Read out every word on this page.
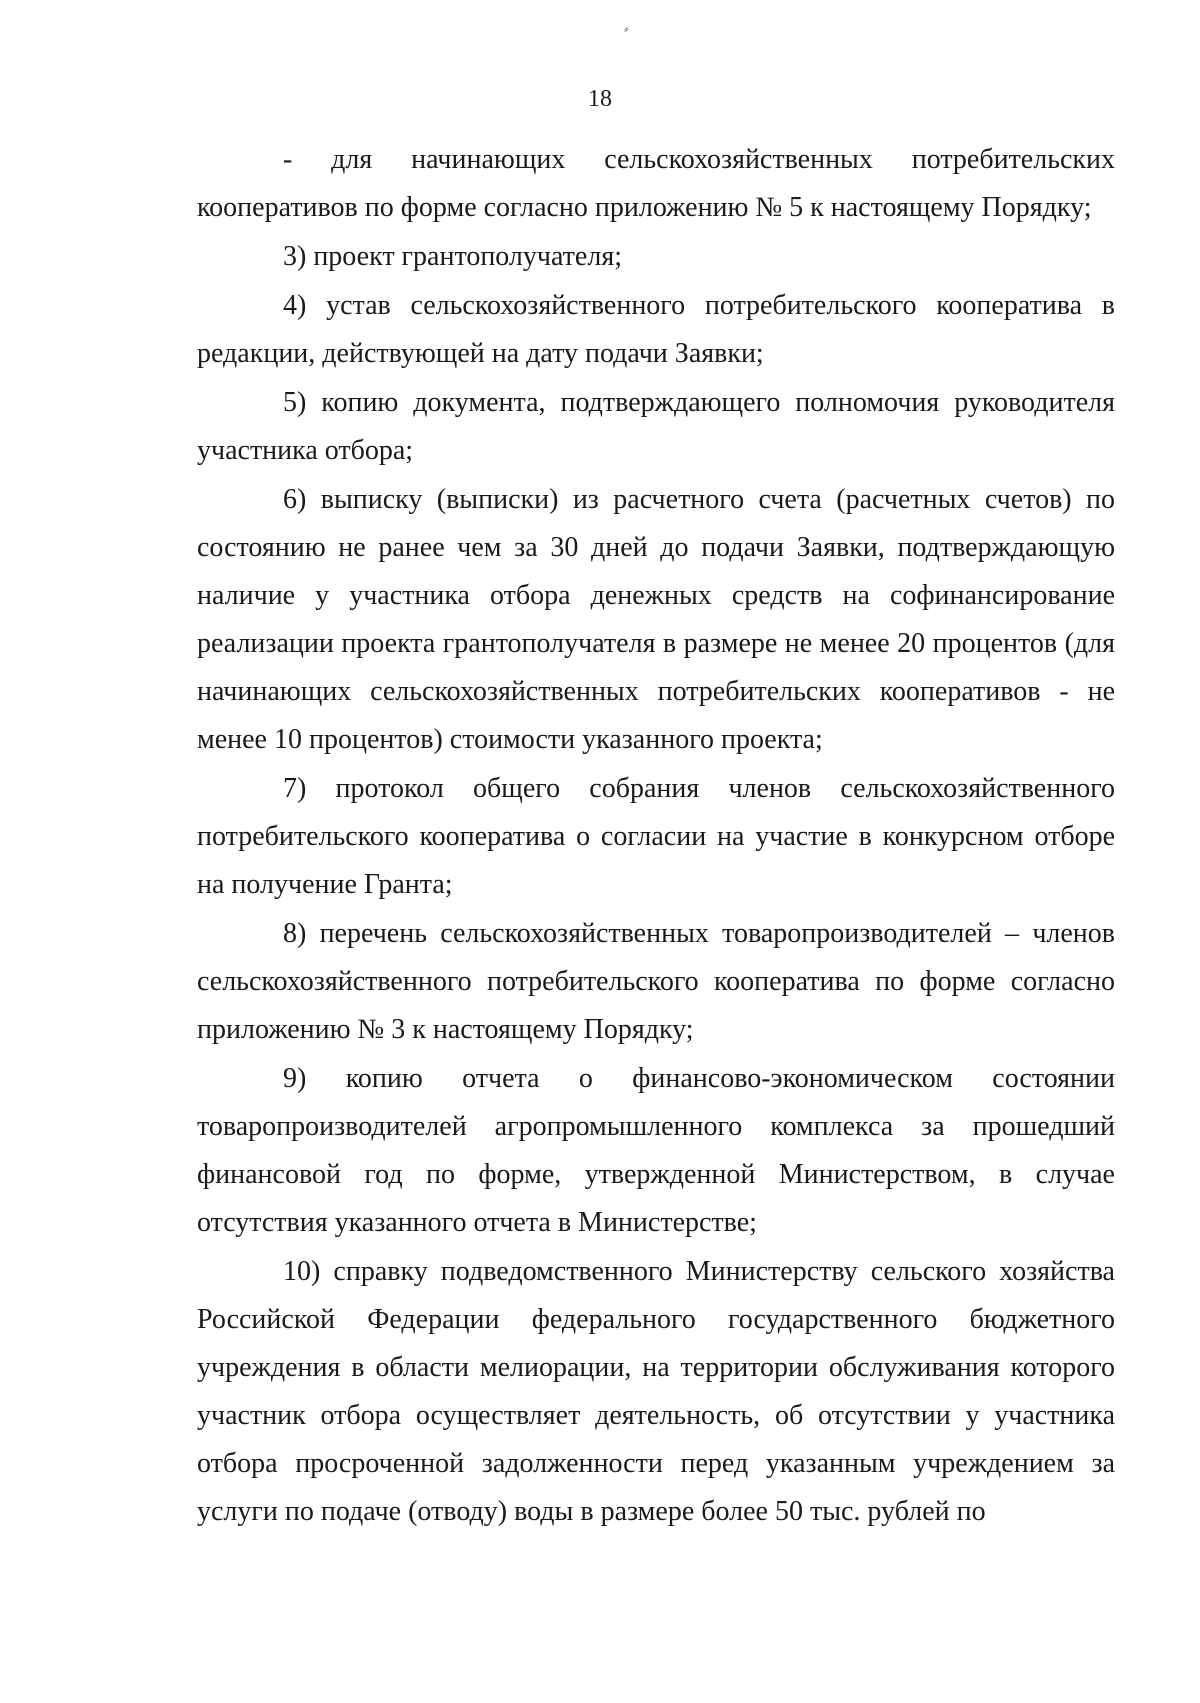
⸗
18

- для начинающих сельскохозяйственных потребительских кооперативов по форме согласно приложению № 5 к настоящему Порядку;

3) проект грантополучателя;

4) устав сельскохозяйственного потребительского кооператива в редакции, действующей на дату подачи Заявки;

5) копию документа, подтверждающего полномочия руководителя участника отбора;

6) выписку (выписки) из расчетного счета (расчетных счетов) по состоянию не ранее чем за 30 дней до подачи Заявки, подтверждающую наличие у участника отбора денежных средств на софинансирование реализации проекта грантополучателя в размере не менее 20 процентов (для начинающих сельскохозяйственных потребительских кооперативов - не менее 10 процентов) стоимости указанного проекта;

7) протокол общего собрания членов сельскохозяйственного потребительского кооператива о согласии на участие в конкурсном отборе на получение Гранта;

8) перечень сельскохозяйственных товаропроизводителей – членов сельскохозяйственного потребительского кооператива по форме согласно приложению № 3 к настоящему Порядку;

9) копию отчета о финансово-экономическом состоянии товаропроизводителей агропромышленного комплекса за прошедший финансовой год по форме, утвержденной Министерством, в случае отсутствия указанного отчета в Министерстве;

10) справку подведомственного Министерству сельского хозяйства Российской Федерации федерального государственного бюджетного учреждения в области мелиорации, на территории обслуживания которого участник отбора осуществляет деятельность, об отсутствии у участника отбора просроченной задолженности перед указанным учреждением за услуги по подаче (отводу) воды в размере более 50 тыс. рублей по
